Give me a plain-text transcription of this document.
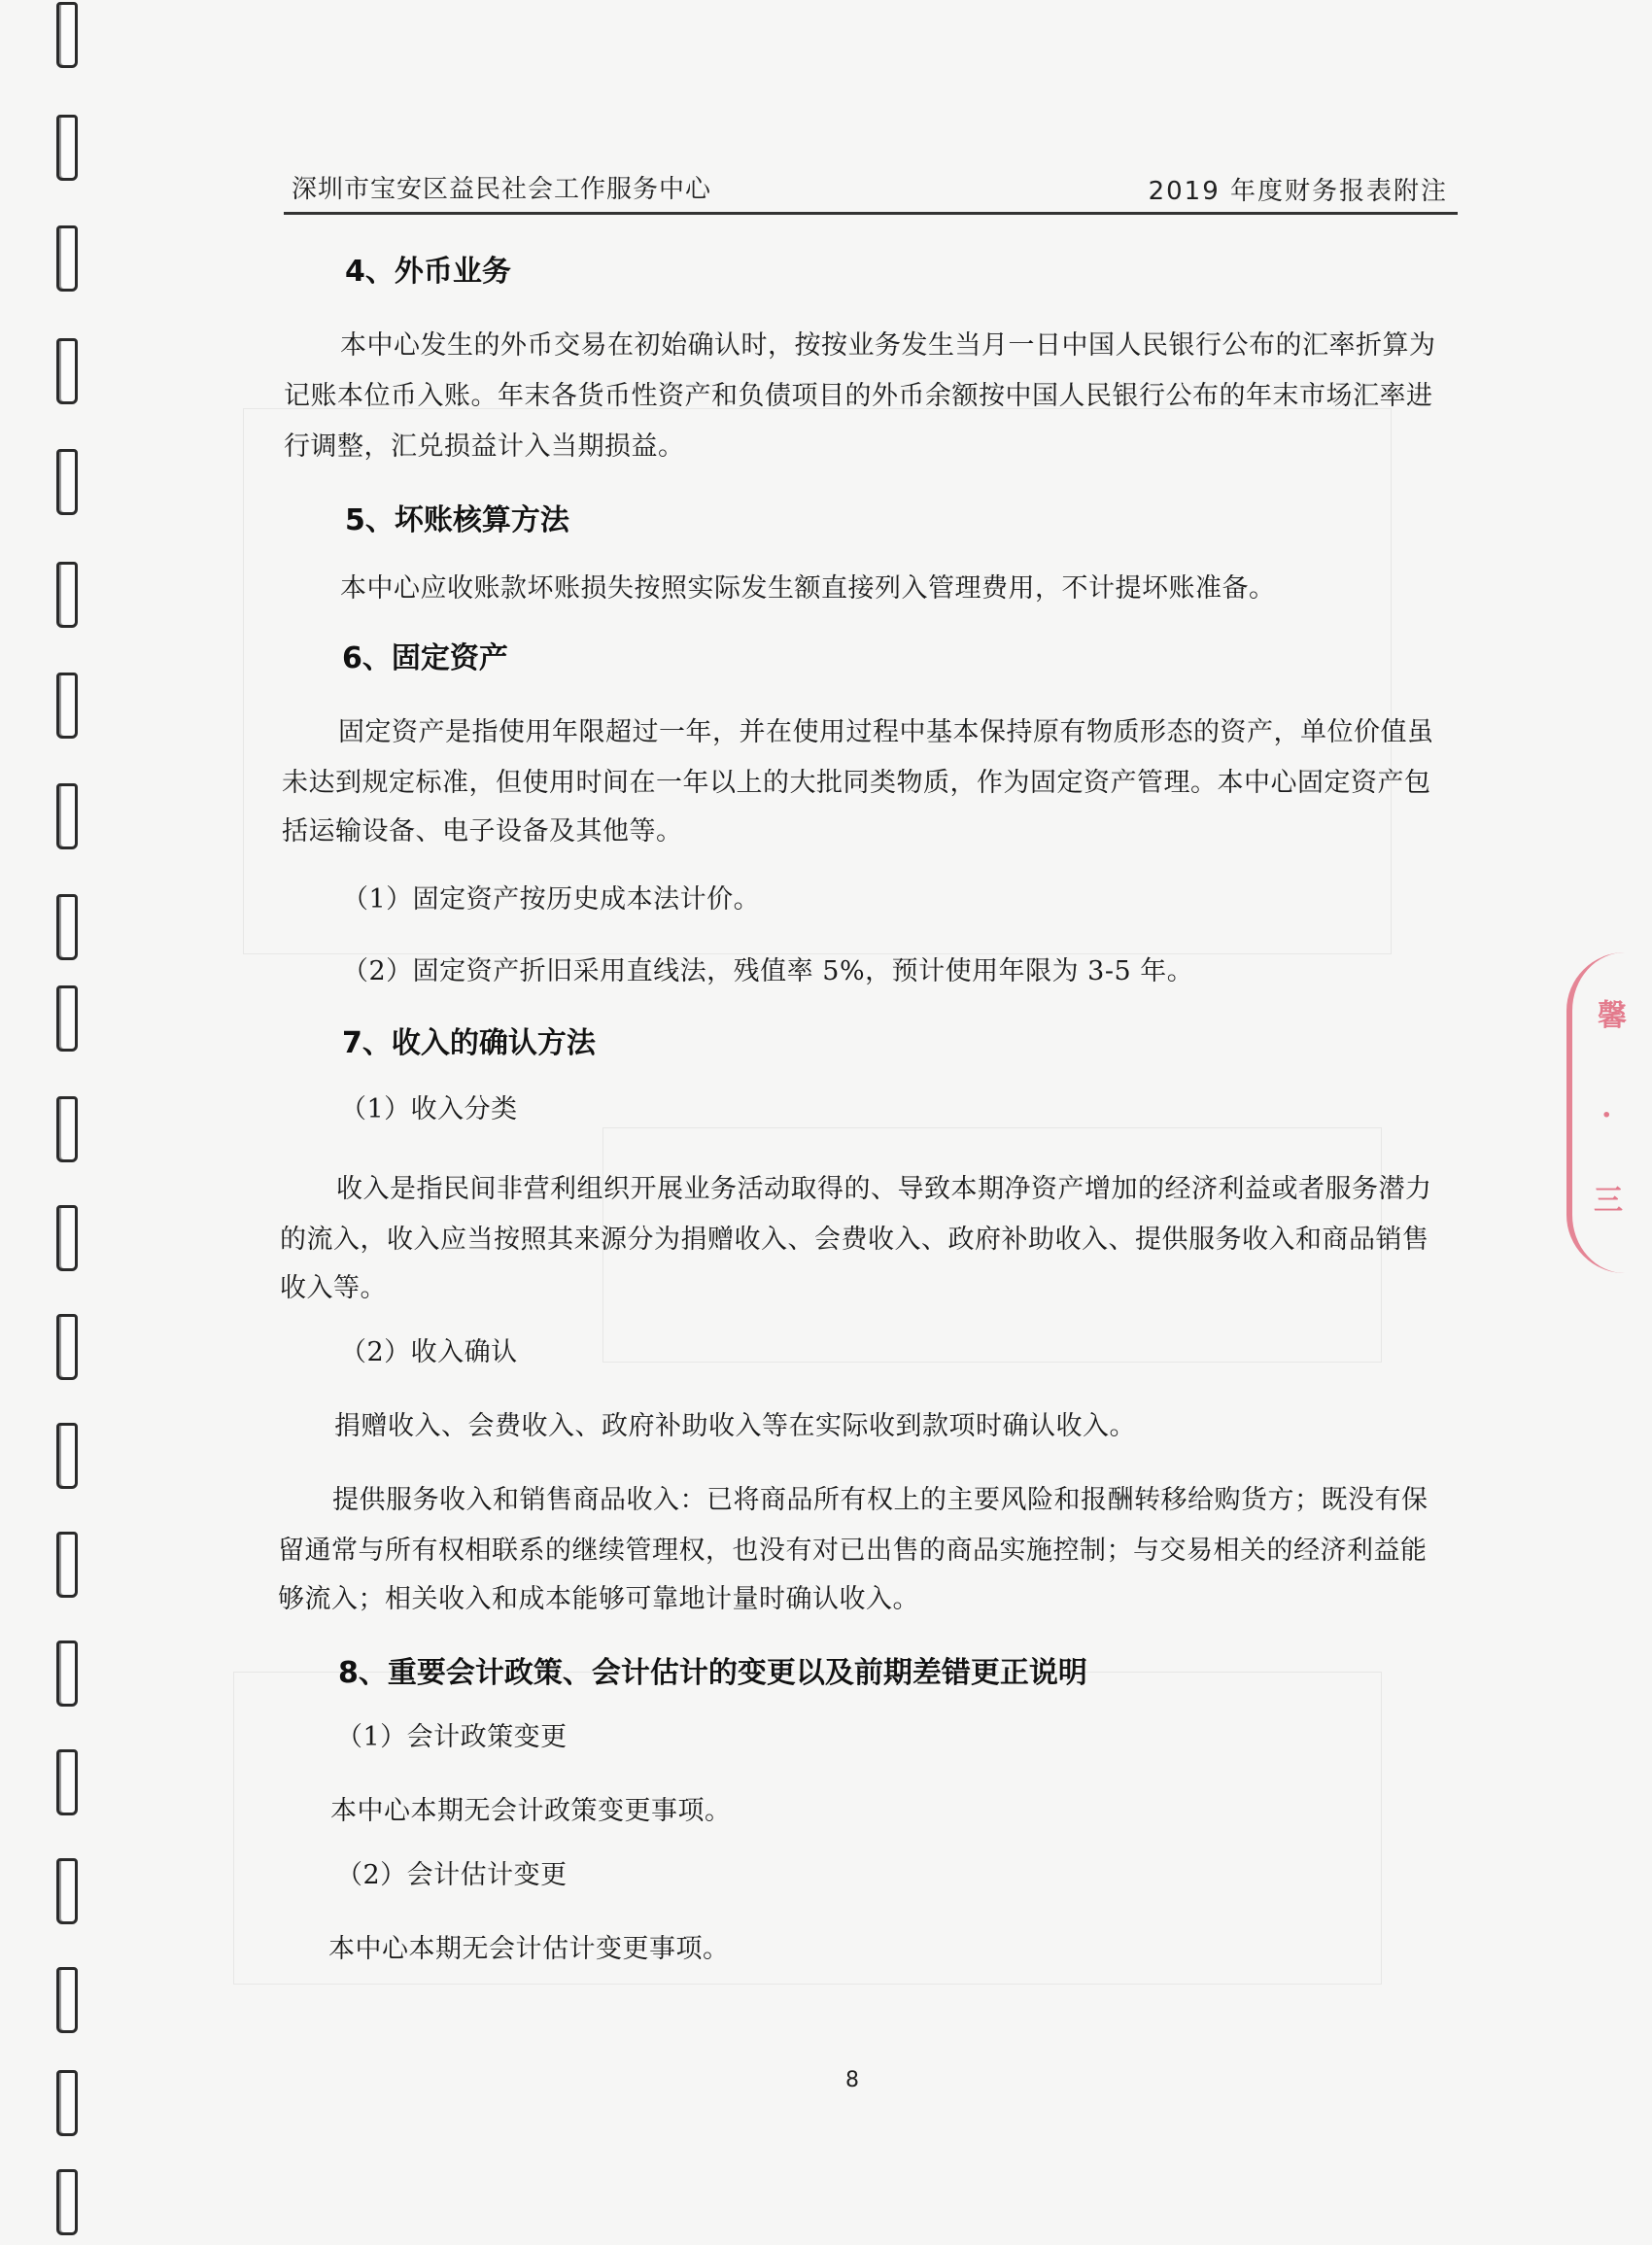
深圳市宝安区益民社会工作服务中心	2019 年度财务报表附注
4、外币业务
本中心发生的外币交易在初始确认时，按按业务发生当月一日中国人民银行公布的汇率折算为
记账本位币入账。年末各货币性资产和负债项目的外币余额按中国人民银行公布的年末市场汇率进
行调整，汇兑损益计入当期损益。
5、坏账核算方法
本中心应收账款坏账损失按照实际发生额直接列入管理费用，不计提坏账准备。
6、固定资产
固定资产是指使用年限超过一年，并在使用过程中基本保持原有物质形态的资产，单位价值虽
未达到规定标准，但使用时间在一年以上的大批同类物质，作为固定资产管理。本中心固定资产包
括运输设备、电子设备及其他等。
（1）固定资产按历史成本法计价。
（2）固定资产折旧采用直线法，残值率 5%，预计使用年限为 3-5 年。
7、收入的确认方法
（1）收入分类
收入是指民间非营利组织开展业务活动取得的、导致本期净资产增加的经济利益或者服务潜力
的流入，收入应当按照其来源分为捐赠收入、会费收入、政府补助收入、提供服务收入和商品销售
收入等。
（2）收入确认
捐赠收入、会费收入、政府补助收入等在实际收到款项时确认收入。
提供服务收入和销售商品收入：已将商品所有权上的主要风险和报酬转移给购货方；既没有保
留通常与所有权相联系的继续管理权，也没有对已出售的商品实施控制；与交易相关的经济利益能
够流入；相关收入和成本能够可靠地计量时确认收入。
8、重要会计政策、会计估计的变更以及前期差错更正说明
（1）会计政策变更
本中心本期无会计政策变更事项。
（2）会计估计变更
本中心本期无会计估计变更事项。
8
馨
·
三
